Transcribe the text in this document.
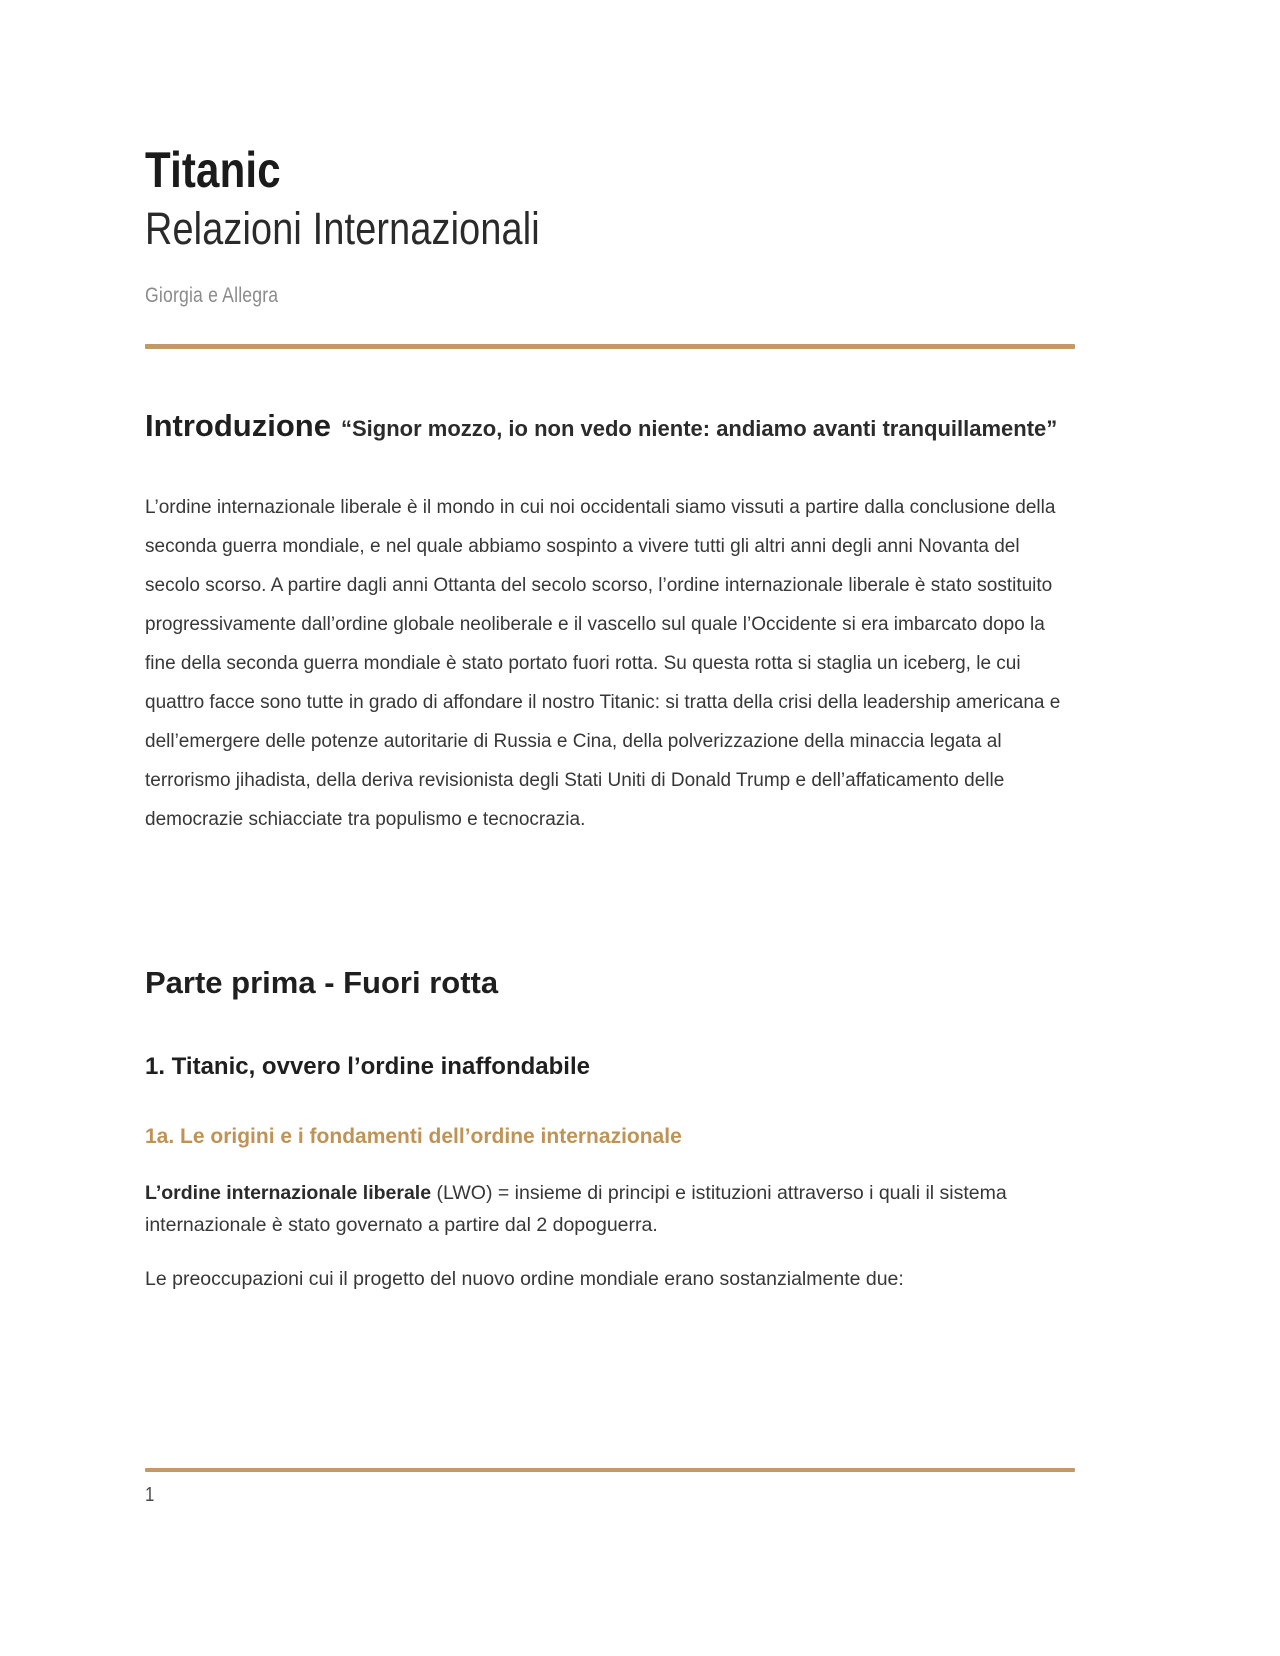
Titanic
Relazioni Internazionali
Giorgia e Allegra
Introduzione “Signor mozzo, io non vedo niente: andiamo avanti tranquillamente”

L’ordine internazionale liberale è il mondo in cui noi occidentali siamo vissuti a partire dalla conclusione della seconda guerra mondiale, e nel quale abbiamo sospinto a vivere tutti gli altri anni degli anni Novanta del secolo scorso. A partire dagli anni Ottanta del secolo scorso, l’ordine internazionale liberale è stato sostituito progressivamente dall’ordine globale neoliberale e il vascello sul quale l’Occidente si era imbarcato dopo la fine della seconda guerra mondiale è stato portato fuori rotta. Su questa rotta si staglia un iceberg, le cui quattro facce sono tutte in grado di affondare il nostro Titanic: si tratta della crisi della leadership americana e dell’emergere delle potenze autoritarie di Russia e Cina, della polverizzazione della minaccia legata al terrorismo jihadista, della deriva revisionista degli Stati Uniti di Donald Trump e dell’affaticamento delle democrazie schiacciate tra populismo e tecnocrazia.

Parte prima - Fuori rotta
1. Titanic, ovvero l’ordine inaffondabile
1a. Le origini e i fondamenti dell’ordine internazionale

L’ordine internazionale liberale (LWO) = insieme di principi e istituzioni attraverso i quali il sistema internazionale è stato governato a partire dal 2 dopoguerra.

Le preoccupazioni cui il progetto del nuovo ordine mondiale erano sostanzialmente due:

1
